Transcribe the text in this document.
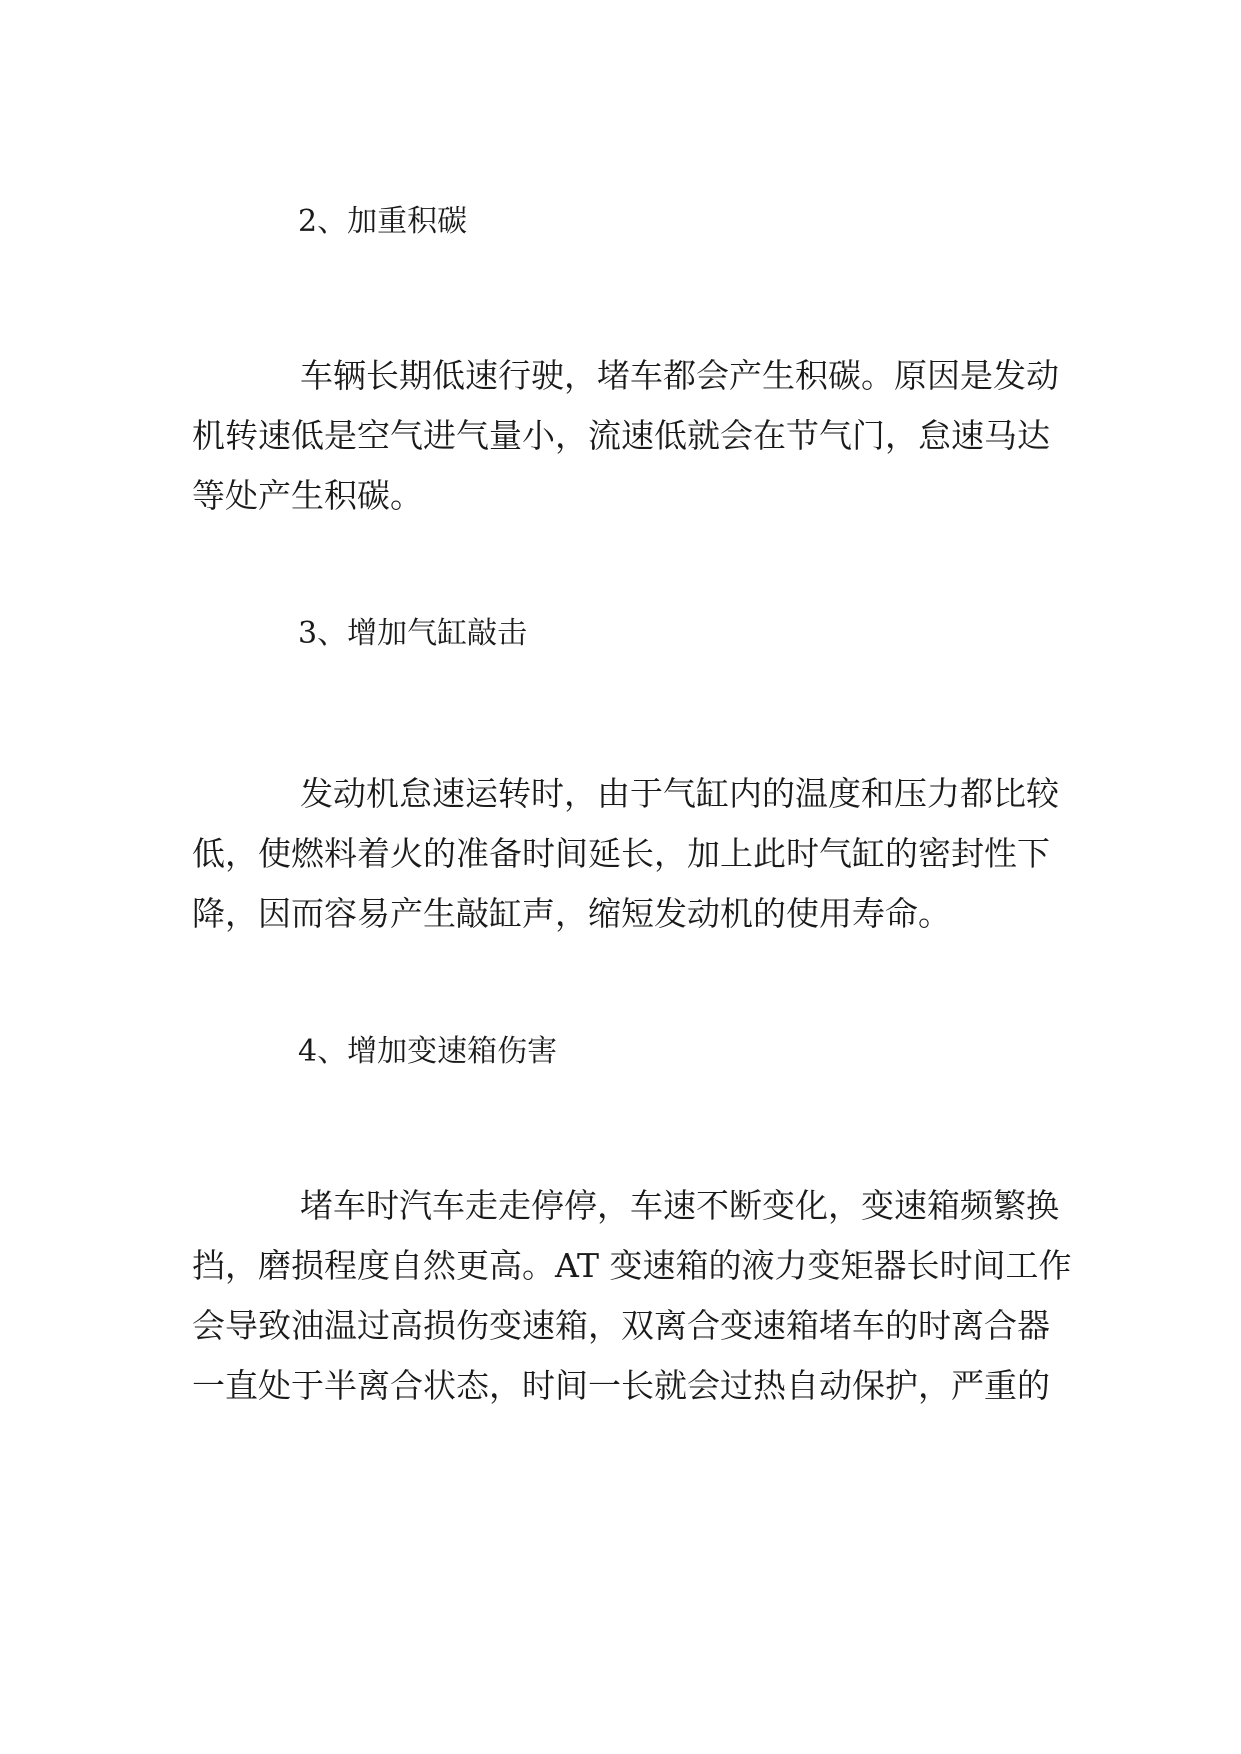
2、加重积碳
车辆长期低速行驶，堵车都会产生积碳。原因是发动
机转速低是空气进气量小，流速低就会在节气门，怠速马达
等处产生积碳。
3、增加气缸敲击
发动机怠速运转时，由于气缸内的温度和压力都比较
低，使燃料着火的准备时间延长，加上此时气缸的密封性下
降，因而容易产生敲缸声，缩短发动机的使用寿命。
4、增加变速箱伤害
堵车时汽车走走停停，车速不断变化，变速箱频繁换
挡，磨损程度自然更高。AT 变速箱的液力变矩器长时间工作
会导致油温过高损伤变速箱，双离合变速箱堵车的时离合器
一直处于半离合状态，时间一长就会过热自动保护，严重的
